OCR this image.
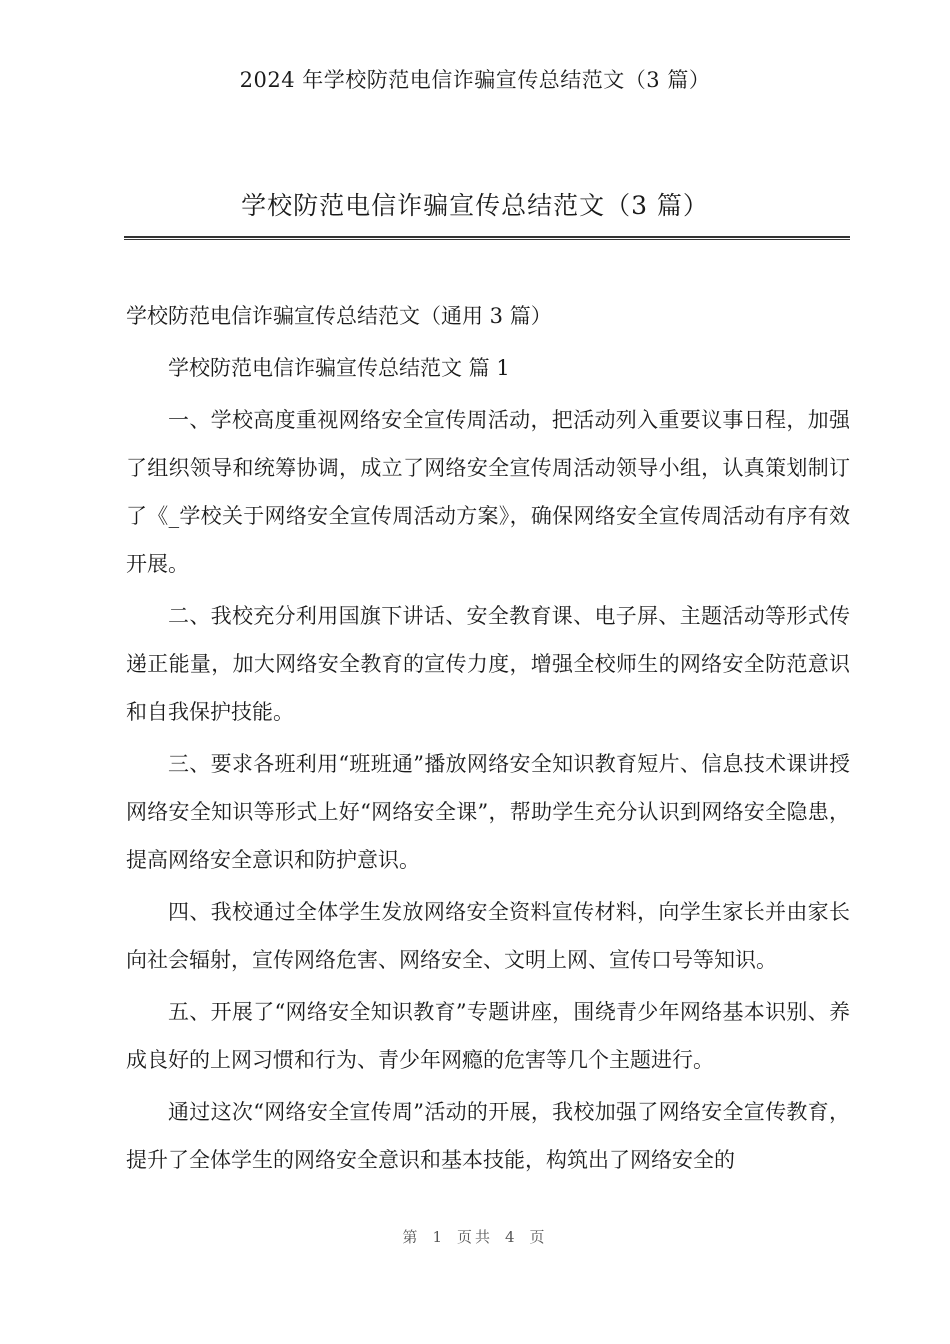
2024 年学校防范电信诈骗宣传总结范文（3 篇）
学校防范电信诈骗宣传总结范文（3 篇）

学校防范电信诈骗宣传总结范文（通用 3 篇）

学校防范电信诈骗宣传总结范文 篇 1

一、学校高度重视网络安全宣传周活动，把活动列入重要议事日程，加强了组织领导和统筹协调，成立了网络安全宣传周活动领导小组，认真策划制订了《_学校关于网络安全宣传周活动方案》，确保网络安全宣传周活动有序有效开展。

二、我校充分利用国旗下讲话、安全教育课、电子屏、主题活动等形式传递正能量，加大网络安全教育的宣传力度，增强全校师生的网络安全防范意识和自我保护技能。

三、要求各班利用“班班通”播放网络安全知识教育短片、信息技术课讲授网络安全知识等形式上好“网络安全课”，帮助学生充分认识到网络安全隐患，提高网络安全意识和防护意识。

四、我校通过全体学生发放网络安全资料宣传材料，向学生家长并由家长向社会辐射，宣传网络危害、网络安全、文明上网、宣传口号等知识。

五、开展了“网络安全知识教育”专题讲座，围绕青少年网络基本识别、养成良好的上网习惯和行为、青少年网瘾的危害等几个主题进行。

通过这次“网络安全宣传周”活动的开展，我校加强了网络安全宣传教育，提升了全体学生的网络安全意识和基本技能，构筑出了网络安全的

第 1 页共 4 页
